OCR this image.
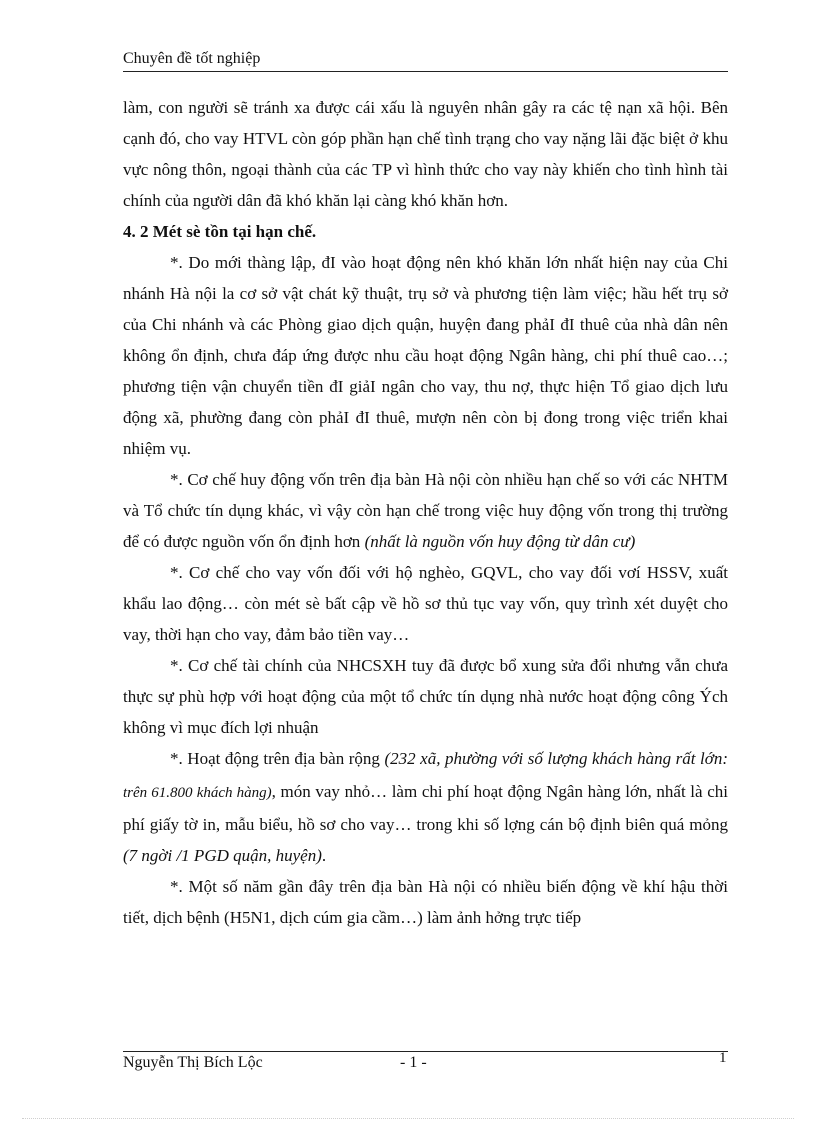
Chuyên đề tốt nghiệp

làm, con người sẽ tránh xa được cái xấu là nguyên nhân gây ra các tệ nạn xã hội. Bên cạnh đó, cho vay HTVL còn góp phần hạn chế tình trạng cho vay nặng lãi đặc biệt ở khu vực nông thôn, ngoại thành của các TP vì hình thức cho vay này khiến cho tình hình tài chính của người dân đã khó khăn lại càng khó khăn hơn.

4. 2 Mét sè tồn tại hạn chế.

*. Do mới thàng lập, đI vào hoạt động nên khó khăn lớn nhất hiện nay của Chi nhánh Hà nội la cơ sở vật chát kỹ thuật, trụ sở và phương tiện làm việc; hầu hết trụ sở của Chi nhánh và các Phòng giao dịch quận, huyện đang phảI đI thuê của nhà dân nên không ổn định, chưa đáp ứng được nhu cầu hoạt động Ngân hàng, chi phí thuê cao…; phương tiện vận chuyển tiền đI giảI ngân cho vay, thu nợ, thực hiện Tổ giao dịch lưu động xã, phường đang còn phảI đI thuê, mượn nên còn bị đong trong việc triển khai nhiệm vụ.

*. Cơ chế huy động vốn trên địa bàn Hà nội còn nhiều hạn chế so với các NHTM và Tổ chức tín dụng khác, vì vậy còn hạn chế trong việc huy động vốn trong thị trường để có được nguồn vốn ổn định hơn (nhất là nguồn vốn huy động từ dân cư)

*. Cơ chế cho vay vốn đối với hộ nghèo, GQVL, cho vay đối vơí HSSV, xuất khẩu lao động… còn mét sè bất cập về hồ sơ thủ tục vay vốn, quy trình xét duyệt cho vay, thời hạn cho vay, đảm bảo tiền vay…

*. Cơ chế tài chính của NHCSXH tuy đã được bổ xung sửa đổi nhưng vẫn chưa thực sự phù hợp với hoạt động của một tổ chức tín dụng nhà nước hoạt động công Ých không vì mục đích lợi nhuận

*. Hoạt động trên địa bàn rộng (232 xã, phường với số lượng khách hàng rất lớn: trên 61.800 khách hàng), món vay nhỏ… làm chi phí hoạt động Ngân hàng lớn, nhất là chi phí giấy tờ in, mẫu biểu, hồ sơ cho vay… trong khi số lợng cán bộ định biên quá mỏng (7 ngời /1 PGD quận, huyện).

*. Một số năm gần đây trên địa bàn Hà nội có nhiều biến động về khí hậu thời tiết, dịch bệnh (H5N1, dịch cúm gia cầm…) làm ảnh hởng trực tiếp

Nguyễn Thị Bích Lộc	- 1 -	1
